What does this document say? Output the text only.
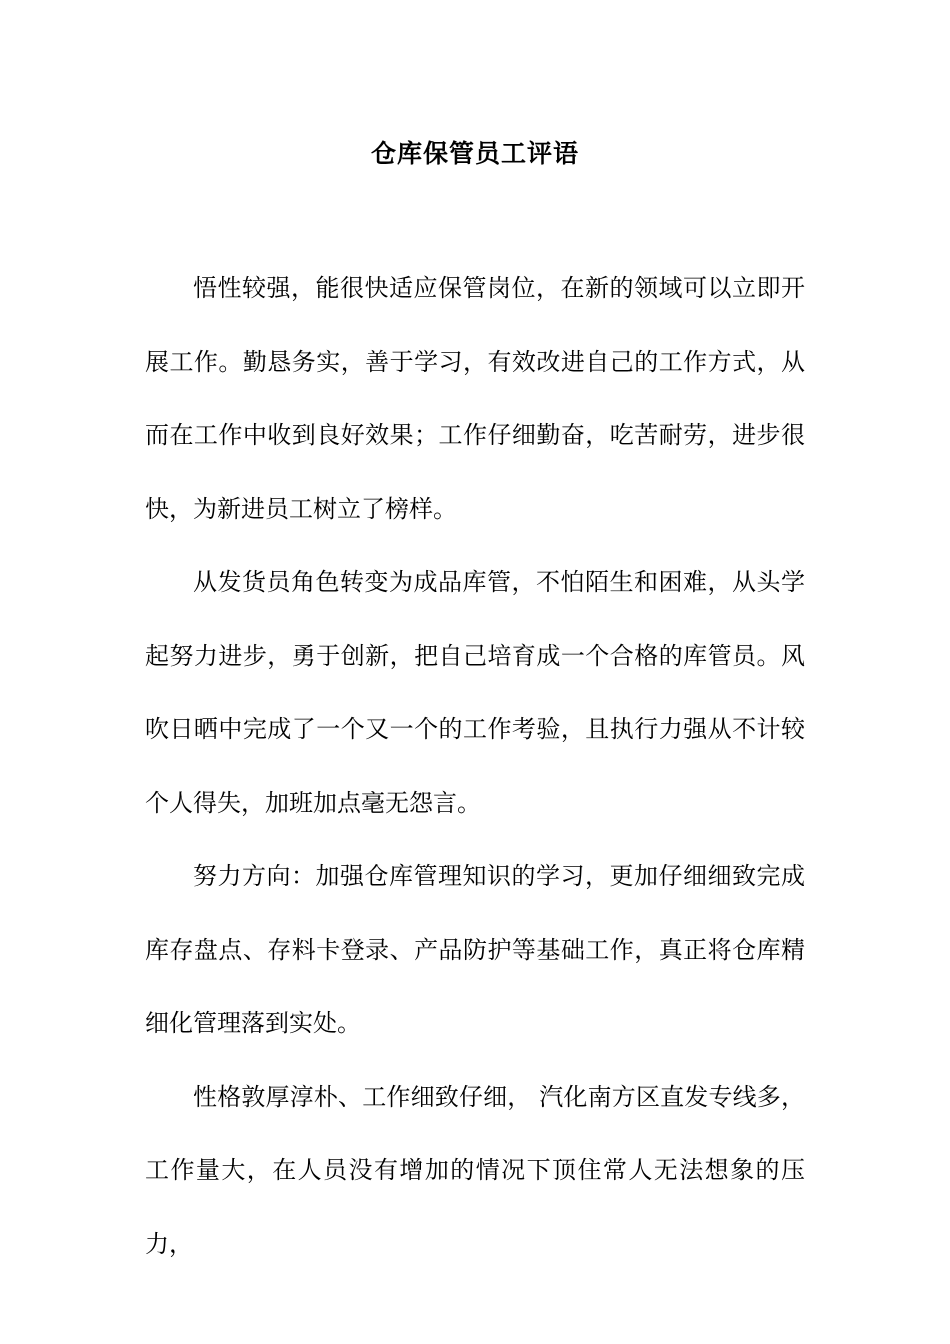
仓库保管员工评语

悟性较强，能很快适应保管岗位，在新的领域可以立即开展工作。勤恳务实，善于学习，有效改进自己的工作方式，从而在工作中收到良好效果；工作仔细勤奋，吃苦耐劳，进步很快，为新进员工树立了榜样。

从发货员角色转变为成品库管，不怕陌生和困难，从头学起努力进步，勇于创新，把自己培育成一个合格的库管员。风吹日晒中完成了一个又一个的工作考验，且执行力强从不计较个人得失，加班加点毫无怨言。

努力方向：加强仓库管理知识的学习，更加仔细细致完成库存盘点、存料卡登录、产品防护等基础工作，真正将仓库精细化管理落到实处。

性格敦厚淳朴、工作细致仔细， 汽化南方区直发专线多，工作量大，在人员没有增加的情况下顶住常人无法想象的压力，
